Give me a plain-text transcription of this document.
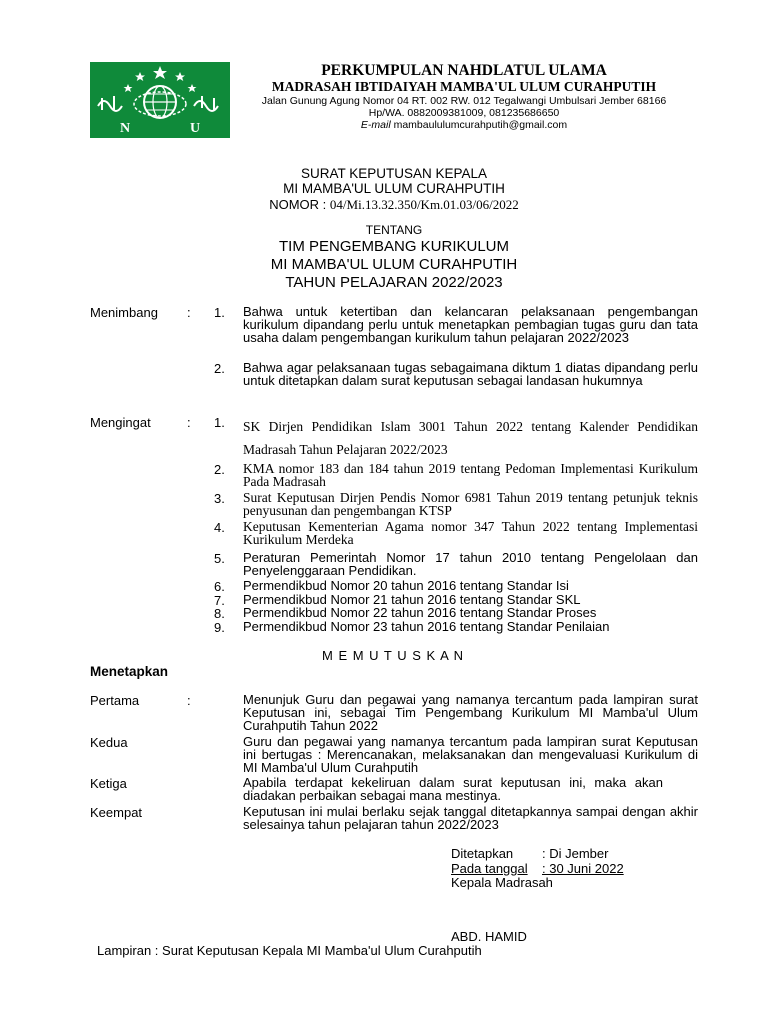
N	U
PERKUMPULAN NAHDLATUL ULAMA
MADRASAH IBTIDAIYAH MAMBA'UL ULUM CURAHPUTIH
Jalan Gunung Agung Nomor 04 RT. 002 RW. 012 Tegalwangi Umbulsari Jember 68166
Hp/WA. 0882009381009, 081235686650
E-mail mambaululumcurahputih@gmail.com
SURAT KEPUTUSAN KEPALA
MI MAMBA'UL ULUM CURAHPUTIH
NOMOR : 04/Mi.13.32.350/Km.01.03/06/2022
TENTANG
TIM PENGEMBANG KURIKULUM
MI MAMBA'UL ULUM CURAHPUTIH
TAHUN PELAJARAN 2022/2023
Menimbang : 1. Bahwa untuk ketertiban dan kelancaran pelaksanaan pengembangan kurikulum dipandang perlu untuk menetapkan pembagian tugas guru dan tata usaha dalam pengembangan kurikulum tahun pelajaran 2022/2023
2. Bahwa agar pelaksanaan tugas sebagaimana diktum 1 diatas dipandang perlu untuk ditetapkan dalam surat keputusan sebagai landasan hukumnya
Mengingat	: 1. SK Dirjen Pendidikan Islam 3001 Tahun 2022 tentang Kalender Pendidikan Madrasah Tahun Pelajaran 2022/2023
2. KMA nomor 183 dan 184 tahun 2019 tentang Pedoman Implementasi Kurikulum Pada Madrasah
3. Surat Keputusan Dirjen Pendis Nomor 6981 Tahun 2019 tentang petunjuk teknis penyusunan dan pengembangan KTSP
4. Keputusan Kementerian Agama nomor 347 Tahun 2022 tentang Implementasi Kurikulum Merdeka
5. Peraturan Pemerintah Nomor 17 tahun 2010 tentang Pengelolaan dan Penyelenggaraan Pendidikan.
6. Permendikbud Nomor 20 tahun 2016 tentang Standar Isi
7. Permendikbud Nomor 21 tahun 2016 tentang Standar SKL
8. Permendikbud Nomor 22 tahun 2016 tentang Standar Proses
9. Permendikbud Nomor 23 tahun 2016 tentang Standar Penilaian
M E M U T U S K A N
Menetapkan
Pertama	:	Menunjuk Guru dan pegawai yang namanya tercantum pada lampiran surat Keputusan ini, sebagai Tim Pengembang Kurikulum MI Mamba'ul Ulum Curahputih Tahun 2022
Kedua	Guru dan pegawai yang namanya tercantum pada lampiran surat Keputusan ini bertugas : Merencanakan, melaksanakan dan mengevaluasi Kurikulum di MI Mamba'ul Ulum Curahputih
Ketiga	Apabila terdapat kekeliruan dalam surat keputusan ini, maka akan diadakan perbaikan sebagai mana mestinya.
Keempat	Keputusan ini mulai berlaku sejak tanggal ditetapkannya sampai dengan akhir selesainya tahun pelajaran tahun 2022/2023
Ditetapkan : Di Jember
Pada tanggal : 30 Juni 2022
Kepala Madrasah
ABD. HAMID
Lampiran : Surat Keputusan Kepala MI Mamba'ul Ulum Curahputih
